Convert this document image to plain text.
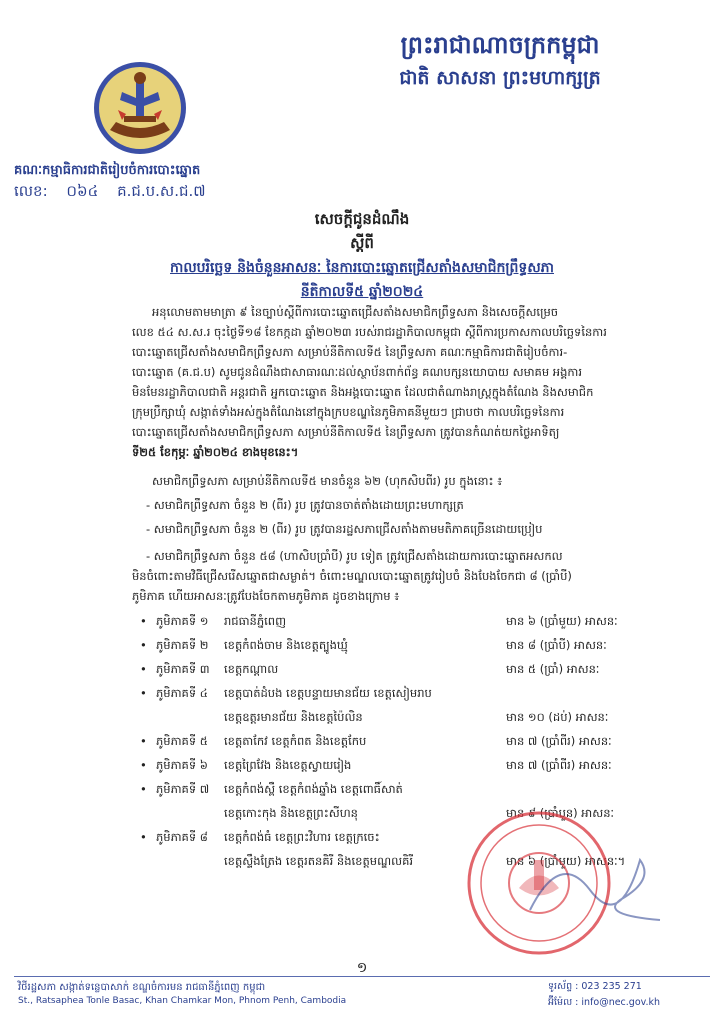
ព្រះរាជាណាចក្រកម្ពុជា
ជាតិ សាសនា ព្រះមហាក្សត្រ
គណៈកម្មាធិការជាតិរៀបចំការបោះឆ្នោត
លេខ: ០៦៤ គ.ជ.ប.ស.ជ.៧
សេចក្តីជូនដំណឹង
ស្តីពី
កាលបរិច្ឆេទ និងចំនួនអាសនៈ នៃការបោះឆ្នោតជ្រើសតាំងសមាជិកព្រឹទ្ធសភា
នីតិកាលទី៥ ឆ្នាំ២០២៤

អនុលោមតាមមាត្រា ៩ នៃច្បាប់ស្តីពីការបោះឆ្នោតជ្រើសតាំងសមាជិកព្រឹទ្ធសភា និងសេចក្តីសម្រេច

លេខ ៥៤ ស.ស.រ ចុះថ្ងៃទី១៨ ខែកក្កដា ឆ្នាំ២០២៣ របស់រាជរដ្ឋាភិបាលកម្ពុជា ស្តីពីការប្រកាសកាលបរិច្ឆេទនៃការ

បោះឆ្នោតជ្រើសតាំងសមាជិកព្រឹទ្ធសភា សម្រាប់នីតិកាលទី៥ នៃព្រឹទ្ធសភា គណៈកម្មាធិការជាតិរៀបចំការ-

បោះឆ្នោត (គ.ជ.ប) សូមជូនដំណឹងជាសាធារណៈដល់ស្ថាប័នពាក់ព័ន្ធ គណបក្សនយោបាយ សមាគម អង្គការ

មិនមែនរដ្ឋាភិបាលជាតិ អន្តរជាតិ អ្នកបោះឆ្នោត និងអង្គបោះឆ្នោត ដែលជាតំណាងរាស្ត្រក្នុងតំណែង និងសមាជិក

ក្រុមប្រឹក្សាឃុំ សង្កាត់ទាំងអស់ក្នុងតំណែងនៅក្នុងក្របខណ្ឌនៃភូមិភាគនីមួយៗ ជ្រាបថា កាលបរិច្ឆេទនៃការ

បោះឆ្នោតជ្រើសតាំងសមាជិកព្រឹទ្ធសភា សម្រាប់នីតិកាលទី៥ នៃព្រឹទ្ធសភា ត្រូវបានកំណត់យកថ្ងៃអាទិត្យ

ទី២៥ ខែកុម្ភៈ ឆ្នាំ២០២៤ ខាងមុខនេះ។

សមាជិកព្រឹទ្ធសភា សម្រាប់នីតិកាលទី៥ មានចំនួន ៦២ (ហុកសិបពីរ) រូប ក្នុងនោះ ៖
- សមាជិកព្រឹទ្ធសភា ចំនួន ២ (ពីរ) រូប ត្រូវបានចាត់តាំងដោយព្រះមហាក្សត្រ
- សមាជិកព្រឹទ្ធសភា ចំនួន ២ (ពីរ) រូប ត្រូវបានរដ្ឋសភាជ្រើសតាំងតាមមតិភាគច្រើនដោយប្រៀប

- សមាជិកព្រឹទ្ធសភា ចំនួន ៥៨ (ហាសិបប្រាំបី) រូប ទៀត ត្រូវជ្រើសតាំងដោយការបោះឆ្នោតអសកល

មិនចំពោះតាមវិធីជ្រើសរើសឆ្នោតជាសម្ងាត់។ ចំពោះមណ្ឌលបោះឆ្នោតត្រូវរៀបចំ និងបែងចែកជា ៨ (ប្រាំបី)

ភូមិភាគ ហើយអាសនៈត្រូវបែងចែកតាមភូមិភាគ ដូចខាងក្រោម ៖

• ភូមិភាគទី ១ រាជធានីភ្នំពេញ	មាន ៦ (ប្រាំមួយ) អាសនៈ
• ភូមិភាគទី ២ ខេត្តកំពង់ចាម និងខេត្តត្បូងឃ្មុំ	មាន ៨ (ប្រាំបី) អាសនៈ
• ភូមិភាគទី ៣ ខេត្តកណ្តាល	មាន ៥ (ប្រាំ) អាសនៈ
• ភូមិភាគទី ៤ ខេត្តបាត់ដំបង ខេត្តបន្ទាយមានជ័យ ខេត្តសៀមរាប
ខេត្តឧត្តរមានជ័យ និងខេត្តប៉ៃលិន	មាន ១០ (ដប់) អាសនៈ
• ភូមិភាគទី ៥ ខេត្តតាកែវ ខេត្តកំពត និងខេត្តកែប	មាន ៧ (ប្រាំពីរ) អាសនៈ
• ភូមិភាគទី ៦ ខេត្តព្រៃវែង និងខេត្តស្វាយរៀង	មាន ៧ (ប្រាំពីរ) អាសនៈ
• ភូមិភាគទី ៧ ខេត្តកំពង់ស្ពឺ ខេត្តកំពង់ឆ្នាំង ខេត្តពោធិ៍សាត់
ខេត្តកោះកុង និងខេត្តព្រះសីហនុ	មាន ៩ (ប្រាំបួន) អាសនៈ
• ភូមិភាគទី ៨ ខេត្តកំពង់ធំ ខេត្តព្រះវិហារ ខេត្តក្រចេះ
ខេត្តស្ទឹងត្រែង ខេត្តរតនគិរី និងខេត្តមណ្ឌលគិរី	មាន ៦ (ប្រាំមួយ) អាសនៈ។
១
វិថីរដ្ឋសភា សង្កាត់ទន្លេបាសាក់ ខណ្ឌចំការមន រាជធានីភ្នំពេញ កម្ពុជា
St., Ratsaphea Tonle Basac, Khan Chamkar Mon, Phnom Penh, Cambodia
ទូរស័ព្ទ : 023 235 271
អ៊ីម៉ែល : info@nec.gov.kh
